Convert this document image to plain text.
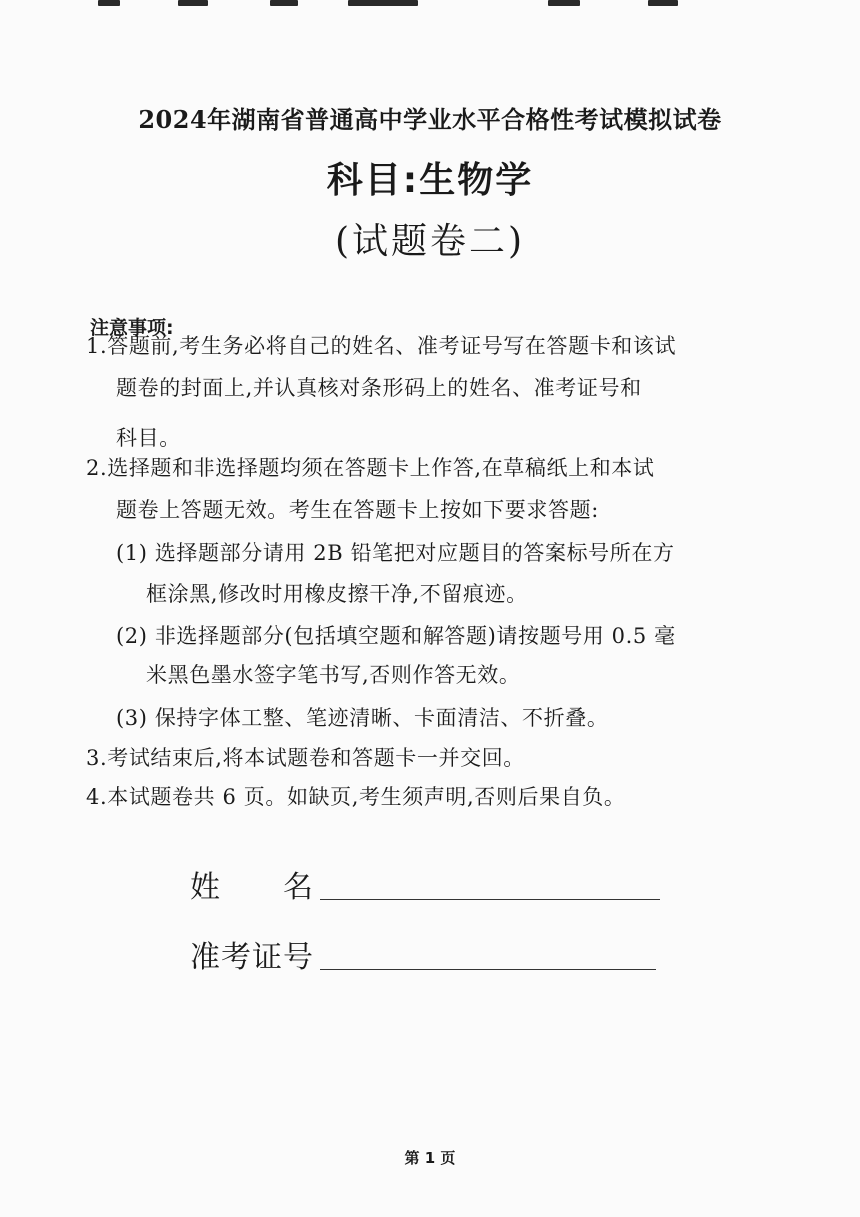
2024年湖南省普通高中学业水平合格性考试模拟试卷
科目:生物学
(试题卷二)
注意事项:
1.答题前,考生务必将自己的姓名、准考证号写在答题卡和该试
题卷的封面上,并认真核对条形码上的姓名、准考证号和
科目。
2.选择题和非选择题均须在答题卡上作答,在草稿纸上和本试
题卷上答题无效。考生在答题卡上按如下要求答题:
(1) 选择题部分请用 2B 铅笔把对应题目的答案标号所在方
框涂黑,修改时用橡皮擦干净,不留痕迹。
(2) 非选择题部分(包括填空题和解答题)请按题号用 0.5 毫
米黑色墨水签字笔书写,否则作答无效。
(3) 保持字体工整、笔迹清晰、卡面清洁、不折叠。
3.考试结束后,将本试题卷和答题卡一并交回。
4.本试题卷共 6 页。如缺页,考生须声明,否则后果自负。
姓　　名
准考证号
第 1 页
